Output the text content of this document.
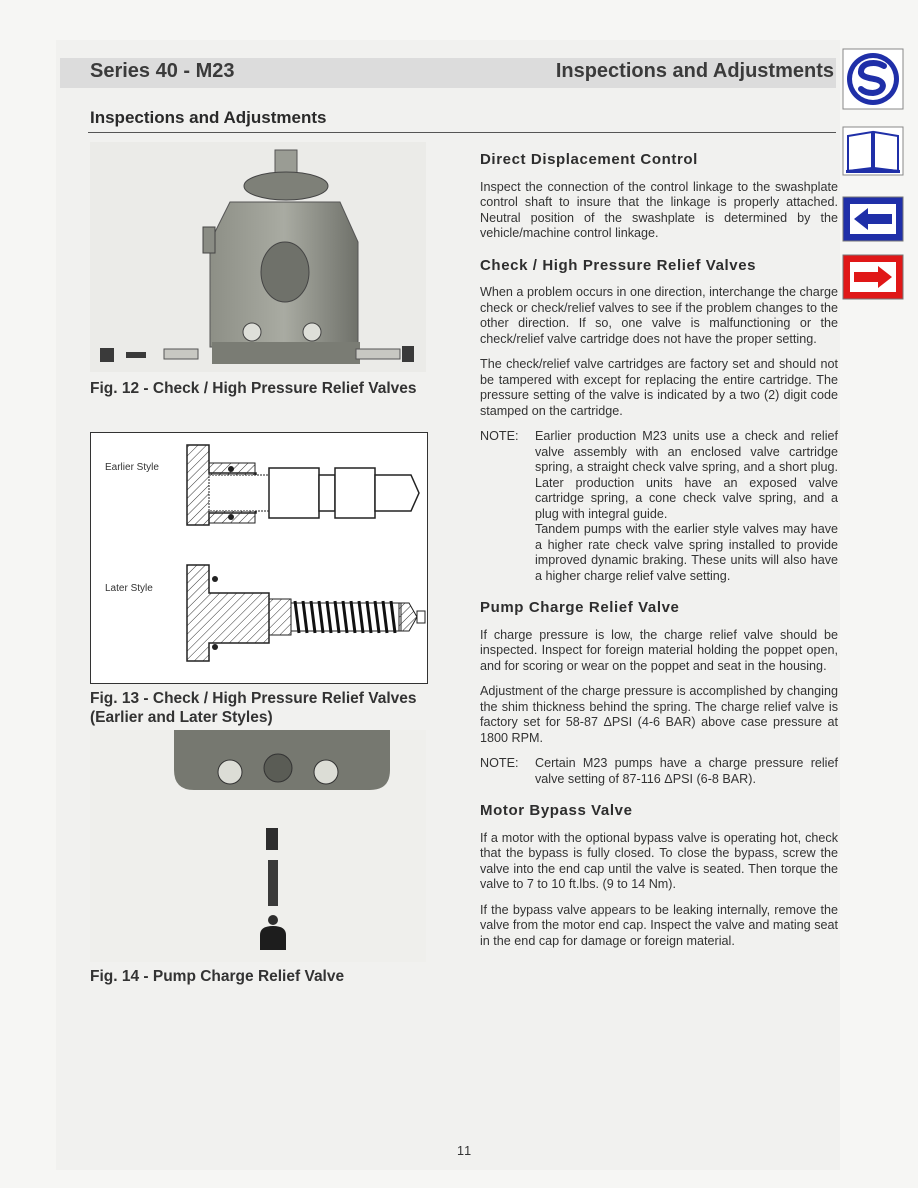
Series 40 - M23	Inspections and Adjustments
Inspections and Adjustments
Fig. 12 - Check / High Pressure Relief Valves
Earlier Style
Later Style
Fig. 13 - Check / High Pressure Relief Valves (Earlier and Later Styles)
Fig. 14 - Pump Charge Relief Valve
Direct Displacement Control

Inspect the connection of the control linkage to the swashplate control shaft to insure that the linkage is properly attached. Neutral position of the swashplate is determined by the vehicle/machine control linkage.

Check / High Pressure Relief Valves

When a problem occurs in one direction, interchange the charge check or check/relief valves to see if the problem changes to the other direction. If so, one valve is malfunctioning or the check/relief valve cartridge does not have the proper setting.

The check/relief valve cartridges are factory set and should not be tampered with except for replacing the entire cartridge. The pressure setting of the valve is indicated by a two (2) digit code stamped on the cartridge.

NOTE:	Earlier production M23 units use a check and relief valve assembly with an enclosed valve cartridge spring, a straight check valve spring, and a short plug. Later production units have an exposed valve cartridge spring, a cone check valve spring, and a plug with integral guide.

Tandem pumps with the earlier style valves may have a higher rate check valve spring installed to provide improved dynamic braking. These units will also have a higher charge relief valve setting.

Pump Charge Relief Valve

If charge pressure is low, the charge relief valve should be inspected. Inspect for foreign material holding the poppet open, and for scoring or wear on the poppet and seat in the housing.

Adjustment of the charge pressure is accomplished by changing the shim thickness behind the spring. The charge relief valve is factory set for 58-87 ΔPSI (4-6 BAR) above case pressure at 1800 RPM.

NOTE:	Certain M23 pumps have a charge pressure relief valve setting of 87-116 ΔPSI (6-8 BAR).

Motor Bypass Valve

If a motor with the optional bypass valve is operating hot, check that the bypass is fully closed. To close the bypass, screw the valve into the end cap until the valve is seated. Then torque the valve to 7 to 10 ft.lbs. (9 to 14 Nm).

If the bypass valve appears to be leaking internally, remove the valve from the motor end cap. Inspect the valve and mating seat in the end cap for damage or foreign material.

11
